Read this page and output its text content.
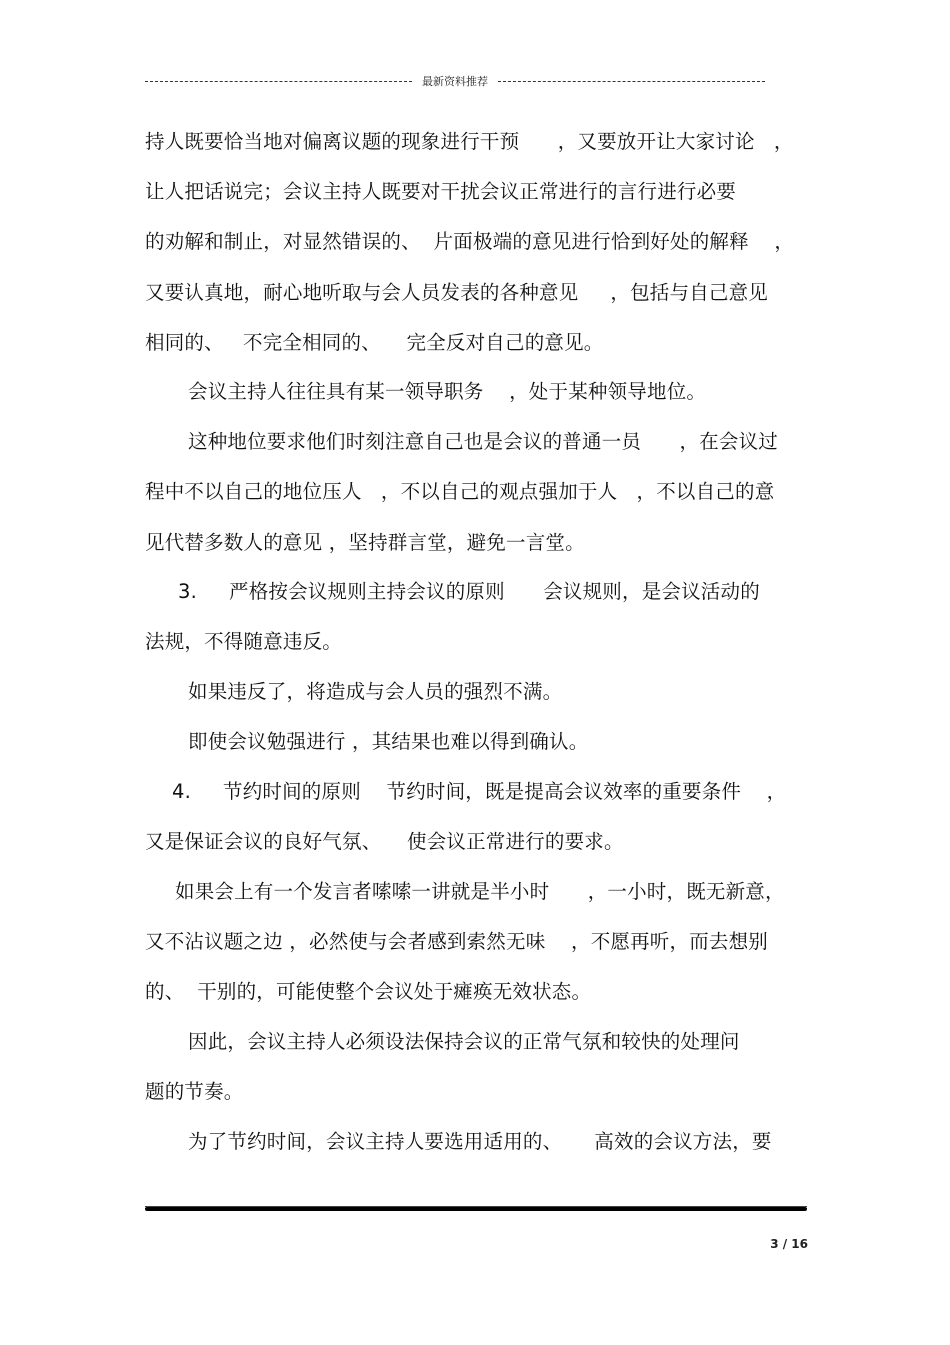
最新资料推荐
持人既要恰当地对偏离议题的现象进行干预      ，又要放开让大家讨论   ，
让人把话说完；会议主持人既要对干扰会议正常进行的言行进行必要
的劝解和制止，对显然错误的、  片面极端的意见进行恰到好处的解释    ，
又要认真地，耐心地听取与会人员发表的各种意见     ，包括与自己意见
相同的、   不完全相同的、    完全反对自己的意见。
会议主持人往往具有某一领导职务    ，处于某种领导地位。
这种地位要求他们时刻注意自己也是会议的普通一员      ，在会议过
程中不以自己的地位压人   ，不以自己的观点强加于人   ，不以自己的意
见代替多数人的意见 ，坚持群言堂，避免一言堂。
3.     严格按会议规则主持会议的原则      会议规则，是会议活动的
法规，不得随意违反。
如果违反了，将造成与会人员的强烈不满。
即使会议勉强进行 ，其结果也难以得到确认。
4.     节约时间的原则    节约时间，既是提高会议效率的重要条件    ，
又是保证会议的良好气氛、    使会议正常进行的要求。
如果会上有一个发言者嗦嗦一讲就是半小时      ，一小时，既无新意，
又不沾议题之边 ，必然使与会者感到索然无味    ，不愿再听，而去想别
的、  干别的，可能使整个会议处于瘫痪无效状态。
因此，会议主持人必须设法保持会议的正常气氛和较快的处理问
题的节奏。
为了节约时间，会议主持人要选用适用的、     高效的会议方法，要
3 / 16
